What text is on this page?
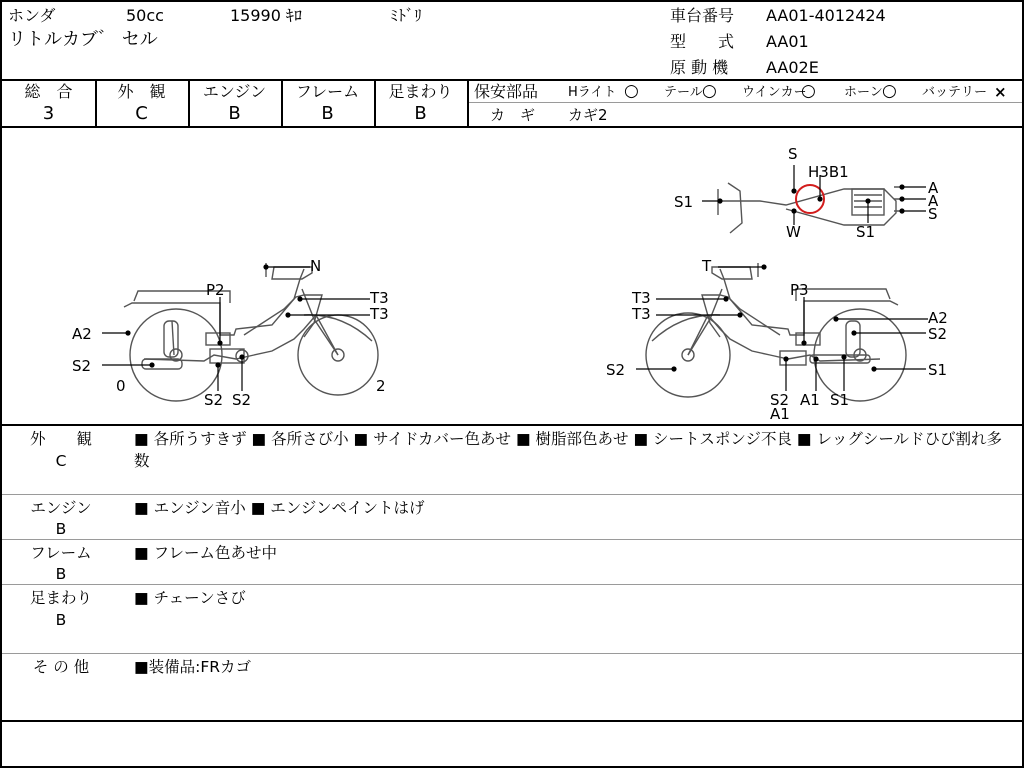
ホンダ	50cc	15990 ｷﾛ	ﾐﾄﾞﾘ
リトルカブ゛ セル
車台番号 AA01-4012424
型　　式 AA01
原 動 機 AA02E
総　合	外　観	エンジン	フレーム	足まわり
3	C	B	B	B
保安部品 Hライト ○ テール ○ ウインカー
○ ホーン ○ バッテリー ×
カ　ギ カギ2
N
P2	T3
T3
A2
S2
0
S2 S2
2
T
T3
T3
P3
A2
S2
S2	S1
S2 A1 S1
A1
S
H3B1
S1
A
A
S
W	S1
外　　観
C
■ 各所うすきず ■ 各所さび小 ■ サイドカバー色あせ ■ 樹脂部色あせ ■ シートスポンジ不良 ■ レッグシールドひび割れ多数
エンジン
B
■ エンジン音小 ■ エンジンペイントはげ
フレーム
B
■ フレーム色あせ中
足まわり
B
■ チェーンさび
そ の 他	■装備品:FRカゴ
